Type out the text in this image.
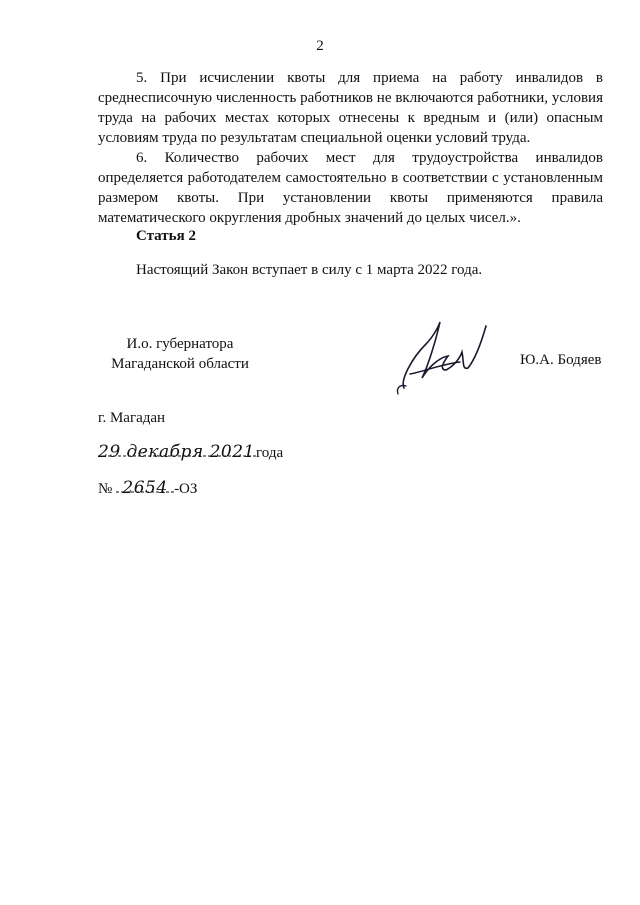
2

5. При исчислении квоты для приема на работу инвалидов в среднесписочную численность работников не включаются работники, условия труда на рабочих местах которых отнесены к вредным и (или) опасным условиям труда по результатам специальной оценки условий труда.

6. Количество рабочих мест для трудоустройства инвалидов определяется работодателем самостоятельно в соответствии с установленным размером квоты. При установлении квоты применяются правила математического округления дробных значений до целых чисел.».

Статья 2
Настоящий Закон вступает в силу с 1 марта 2022 года.
И.о. губернатора
Магаданской области	Ю.А. Бодяев
г. Магадан
29 декабря 2021
года
№ 2654 -ОЗ
